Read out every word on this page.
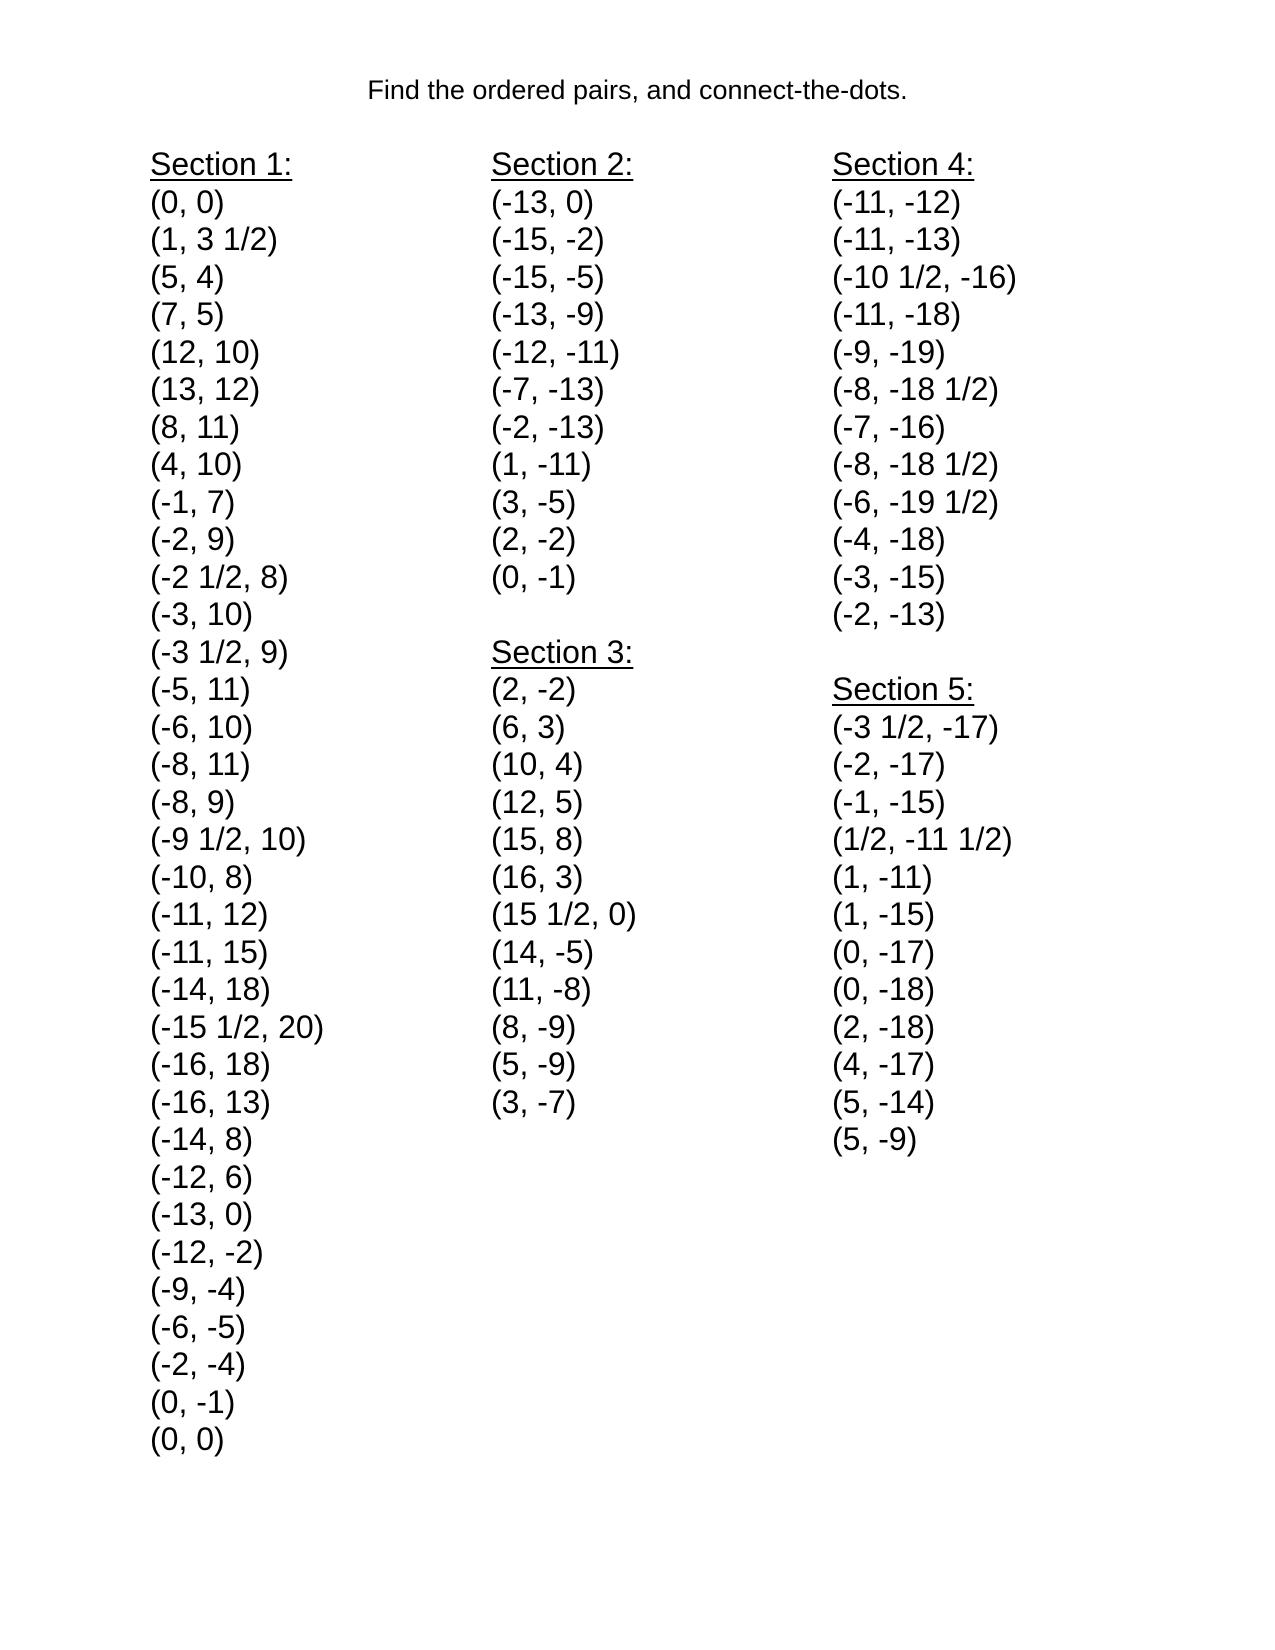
Find the ordered pairs, and connect-the-dots.
Section 1:
(0, 0)
(1, 3 1/2)
(5, 4)
(7, 5)
(12, 10)
(13, 12)
(8, 11)
(4, 10)
(-1, 7)
(-2, 9)
(-2 1/2, 8)
(-3, 10)
(-3 1/2, 9)
(-5, 11)
(-6, 10)
(-8, 11)
(-8, 9)
(-9 1/2, 10)
(-10, 8)
(-11, 12)
(-11, 15)
(-14, 18)
(-15 1/2, 20)
(-16, 18)
(-16, 13)
(-14, 8)
(-12, 6)
(-13, 0)
(-12, -2)
(-9, -4)
(-6, -5)
(-2, -4)
(0, -1)
(0, 0)
Section 2:
(-13, 0)
(-15, -2)
(-15, -5)
(-13, -9)
(-12, -11)
(-7, -13)
(-2, -13)
(1, -11)
(3, -5)
(2, -2)
(0, -1)
Section 3:
(2, -2)
(6, 3)
(10, 4)
(12, 5)
(15, 8)
(16, 3)
(15 1/2, 0)
(14, -5)
(11, -8)
(8, -9)
(5, -9)
(3, -7)
Section 4:
(-11, -12)
(-11, -13)
(-10 1/2, -16)
(-11, -18)
(-9, -19)
(-8, -18 1/2)
(-7, -16)
(-8, -18 1/2)
(-6, -19 1/2)
(-4, -18)
(-3, -15)
(-2, -13)
Section 5:
(-3 1/2, -17)
(-2, -17)
(-1, -15)
(1/2, -11 1/2)
(1, -11)
(1, -15)
(0, -17)
(0, -18)
(2, -18)
(4, -17)
(5, -14)
(5, -9)
